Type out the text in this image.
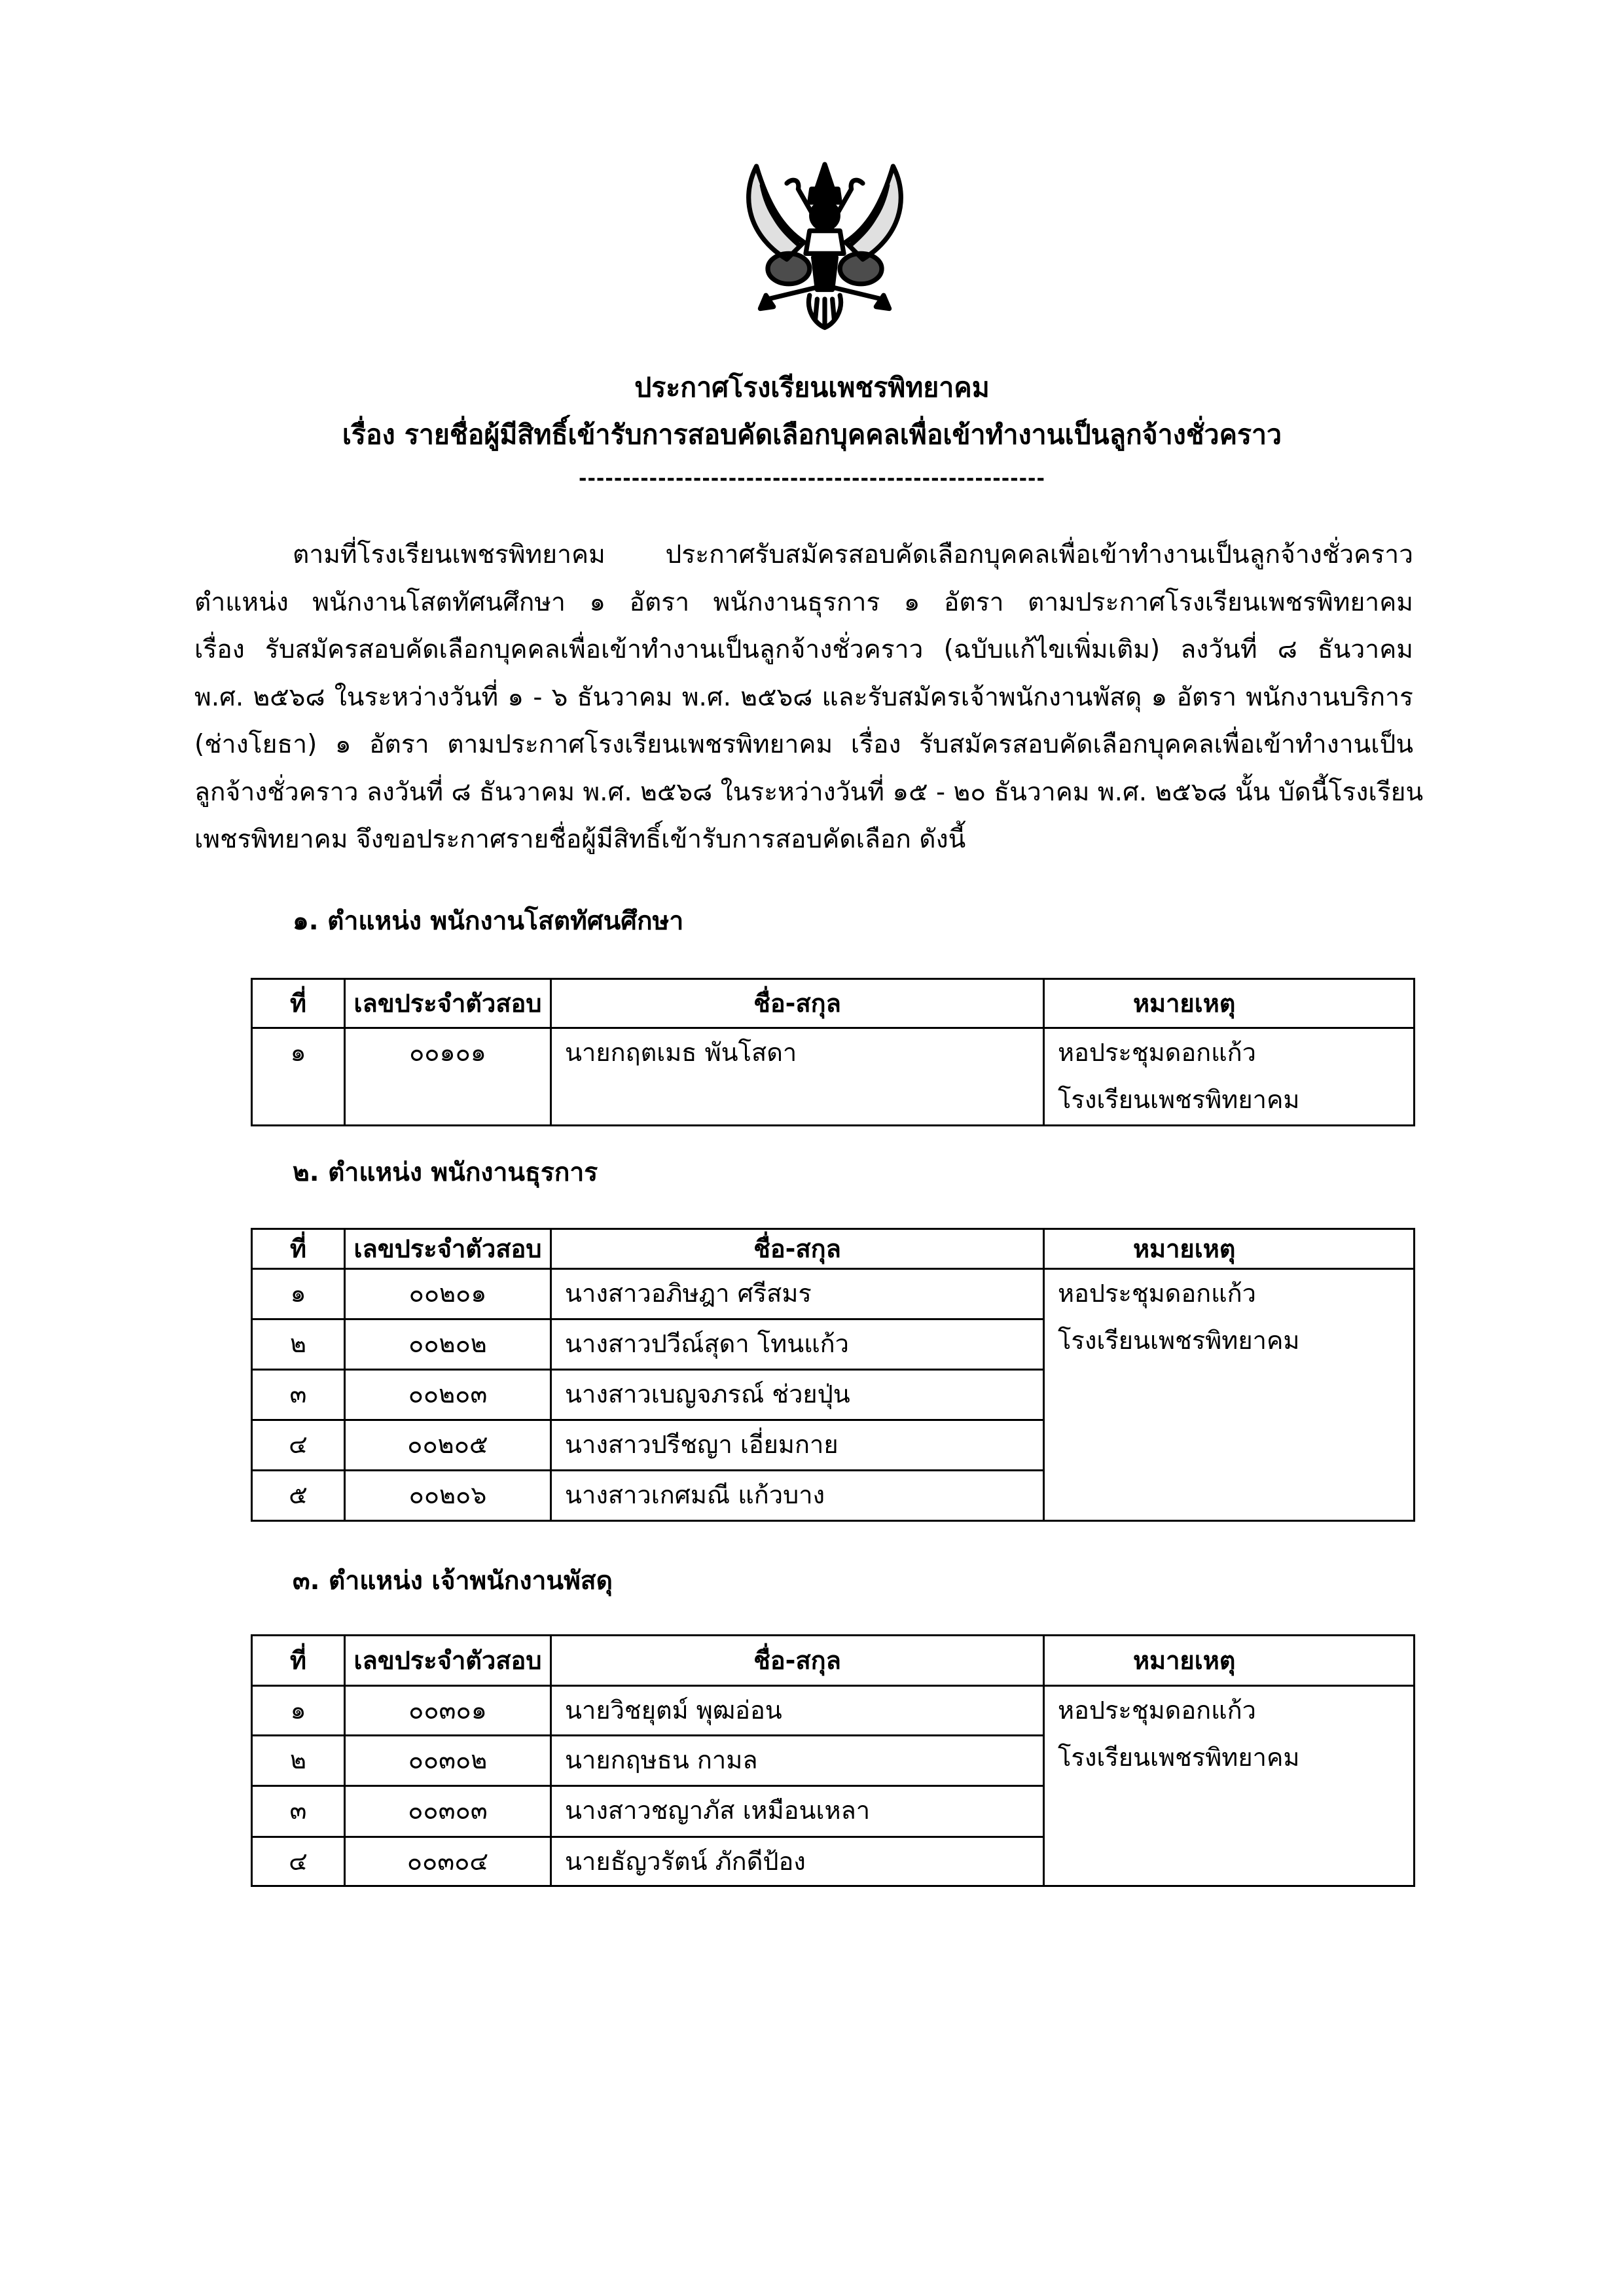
ประกาศโรงเรียนเพชรพิทยาคม
เรื่อง รายชื่อผู้มีสิทธิ์เข้ารับการสอบคัดเลือกบุคคลเพื่อเข้าทำงานเป็นลูกจ้างชั่วคราว
-----------------------------------------------------
ตามที่โรงเรียนเพชรพิทยาคม ประกาศรับสมัครสอบคัดเลือกบุคคลเพื่อเข้าทำงานเป็นลูกจ้างชั่วคราว
ตำแหน่ง พนักงานโสตทัศนศึกษา ๑ อัตรา พนักงานธุรการ ๑ อัตรา ตามประกาศโรงเรียนเพชรพิทยาคม
เรื่อง รับสมัครสอบคัดเลือกบุคคลเพื่อเข้าทำงานเป็นลูกจ้างชั่วคราว (ฉบับแก้ไขเพิ่มเติม) ลงวันที่ ๘ ธันวาคม
พ.ศ. ๒๕๖๘ ในระหว่างวันที่ ๑ - ๖ ธันวาคม พ.ศ. ๒๕๖๘ และรับสมัครเจ้าพนักงานพัสดุ ๑ อัตรา พนักงานบริการ
(ช่างโยธา) ๑ อัตรา ตามประกาศโรงเรียนเพชรพิทยาคม เรื่อง รับสมัครสอบคัดเลือกบุคคลเพื่อเข้าทำงานเป็น
ลูกจ้างชั่วคราว ลงวันที่ ๘ ธันวาคม พ.ศ. ๒๕๖๘ ในระหว่างวันที่ ๑๕ - ๒๐ ธันวาคม พ.ศ. ๒๕๖๘ นั้น บัดนี้โรงเรียน
เพชรพิทยาคม จึงขอประกาศรายชื่อผู้มีสิทธิ์เข้ารับการสอบคัดเลือก ดังนี้
๑. ตำแหน่ง พนักงานโสตทัศนศึกษา
ที่	เลขประจำตัวสอบ	ชื่อ-สกุล	หมายเหตุ
๑	๐๐๑๐๑	นายกฤตเมธ พันโสดา	หอประชุมดอกแก้ว
โรงเรียนเพชรพิทยาคม
๒. ตำแหน่ง พนักงานธุรการ
ที่	เลขประจำตัวสอบ	ชื่อ-สกุล	หมายเหตุ
๑	๐๐๒๐๑	นางสาวอภิษฎา ศรีสมร	หอประชุมดอกแก้ว
โรงเรียนเพชรพิทยาคม

๒	๐๐๒๐๒	นางสาวปวีณ์สุดา โทนแก้ว	
๓	๐๐๒๐๓	นางสาวเบญจภรณ์ ช่วยปุ่น	
๔	๐๐๒๐๕	นางสาวปรีชญา เอี่ยมกาย	
๕	๐๐๒๐๖	นางสาวเกศมณี แก้วบาง	
๓. ตำแหน่ง เจ้าพนักงานพัสดุ
ที่	เลขประจำตัวสอบ	ชื่อ-สกุล	หมายเหตุ
๑	๐๐๓๐๑	นายวิชยุตม์ พุฒอ่อน	หอประชุมดอกแก้ว
โรงเรียนเพชรพิทยาคม

๒	๐๐๓๐๒	นายกฤษธน กามล	
๓	๐๐๓๐๓	นางสาวชญาภัส เหมือนเหลา	
๔	๐๐๓๐๔	นายธัญวรัตน์ ภักดีป้อง	
